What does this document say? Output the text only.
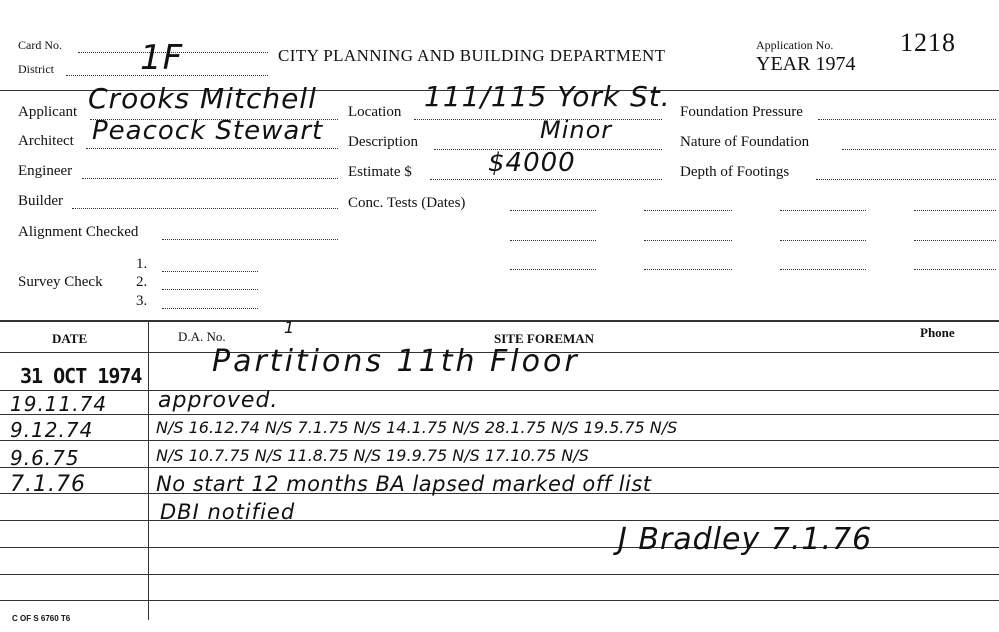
Card No.
District	1F	CITY PLANNING AND BUILDING DEPARTMENT
Application No.	1218
YEAR 1974
Applicant Crooks Mitchell
Architect Peacock Stewart
Engineer
Builder
Alignment Checked
Survey Check
1.
2.
3.
Location 111/115 York St.
Description	Minor
Estimate $	$4000
Conc. Tests (Dates)
Foundation Pressure
Nature of Foundation
Depth of Footings
DATE	D.A. No.	1
SITE FOREMAN	Phone
31 OCT 1974 Partitions 11th Floor
19.11.74 approved.
9.12.74	N/S 16.12.74 N/S 7.1.75 N/S 14.1.75 N/S 28.1.75 N/S 19.5.75 N/S
9.6.75	N/S 10.7.75 N/S 11.8.75 N/S 19.9.75 N/S 17.10.75 N/S
7.1.76	No start 12 months BA lapsed marked off list
DBI notified
J Bradley 7.1.76
C OF S 6760 T6
